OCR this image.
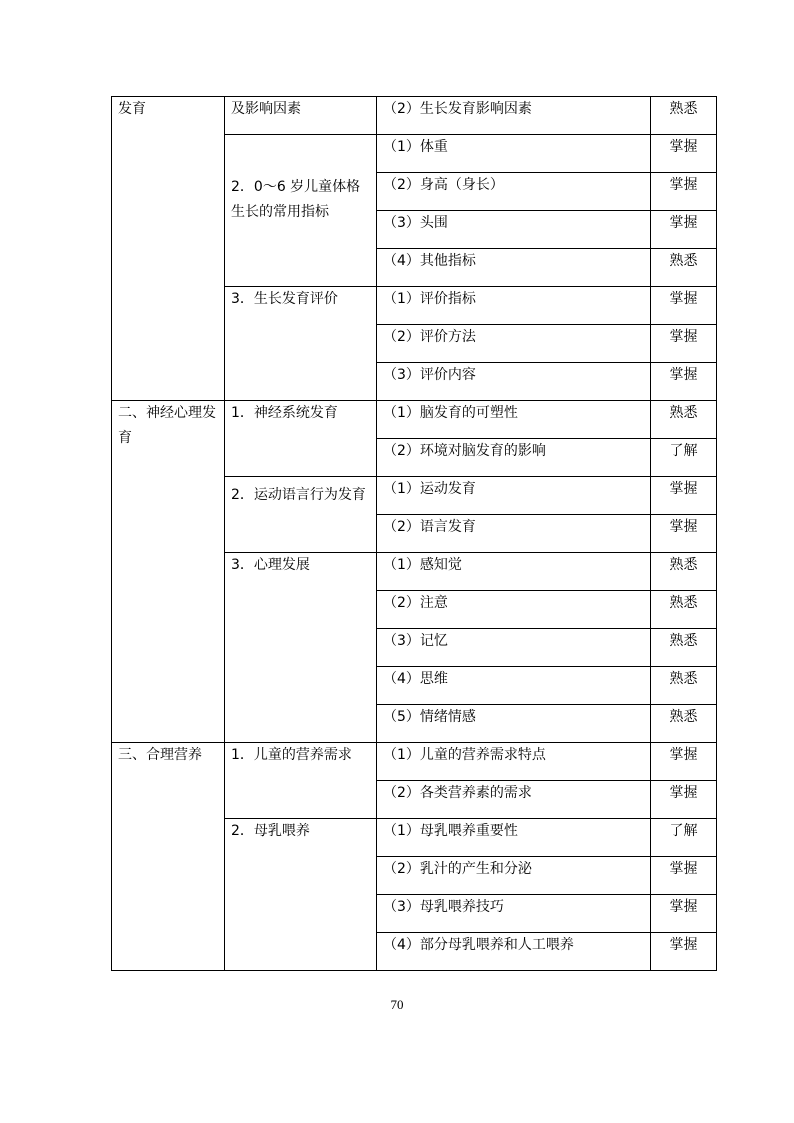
发育	及影响因素	（2）生长发育影响因素	熟悉
	2．0～6 岁儿童体格生长的常用指标	（1）体重	掌握
		（2）身高（身长）	掌握
		（3）头围	掌握
		（4）其他指标	熟悉
	3．生长发育评价	（1）评价指标	掌握
		（2）评价方法	掌握
		（3）评价内容	掌握
二、神经心理发育	1．神经系统发育	（1）脑发育的可塑性	熟悉
		（2）环境对脑发育的影响	了解
	2．运动语言行为发育	（1）运动发育	掌握
		（2）语言发育	掌握
	3．心理发展	（1）感知觉	熟悉
		（2）注意	熟悉
		（3）记忆	熟悉
		（4）思维	熟悉
		（5）情绪情感	熟悉
三、合理营养	1．儿童的营养需求	（1）儿童的营养需求特点	掌握
		（2）各类营养素的需求	掌握
	2．母乳喂养	（1）母乳喂养重要性	了解
		（2）乳汁的产生和分泌	掌握
		（3）母乳喂养技巧	掌握
		（4）部分母乳喂养和人工喂养	掌握
70
